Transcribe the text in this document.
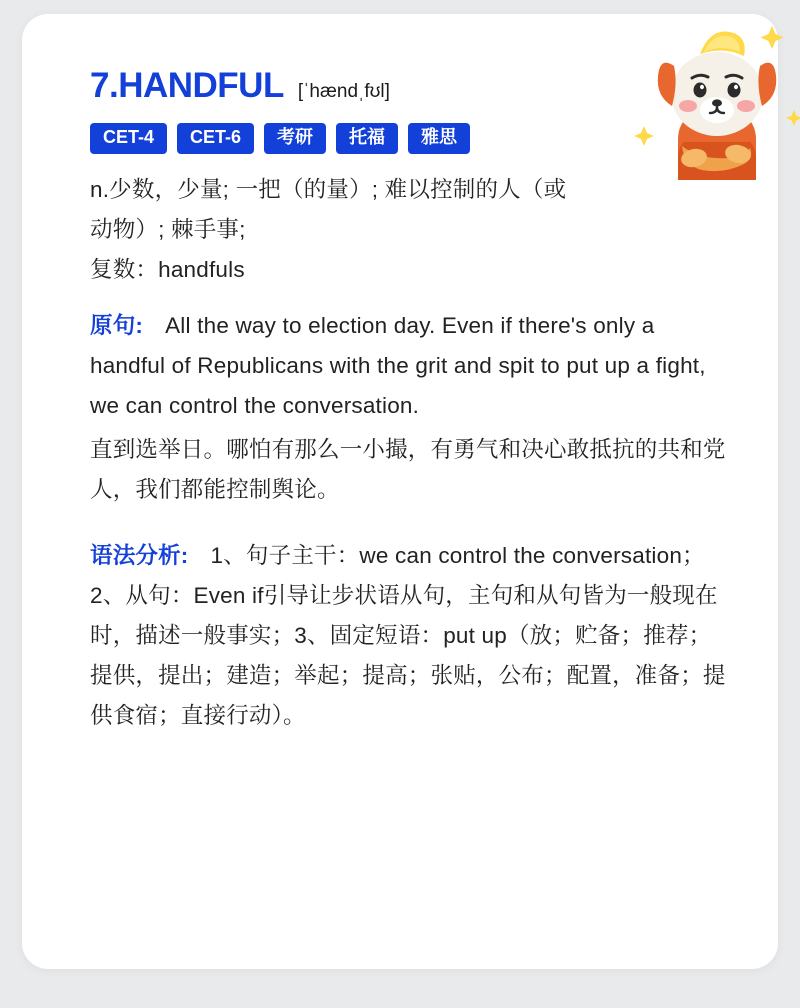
7.HANDFUL [ˈhændˌfʊl]
CET-4	CET-6	考研	托福	雅思

n.少数，少量; 一把（的量）; 难以控制的人（或

动物）; 棘手事;

复数：handfuls

原句: All the way to election day. Even if there's only a handful of Republicans with the grit and spit to put up a fight, we can control the conversation.

直到选举日。哪怕有那么一小撮，有勇气和决心敢抵抗的共和党人，我们都能控制舆论。

语法分析: 1、句子主干：we can control the conversation；2、从句：Even if引导让步状语从句，主句和从句皆为一般现在时，描述一般事实；3、固定短语：put up（放；贮备；推荐；提供，提出；建造；举起；提高；张贴，公布；配置，准备；提供食宿；直接行动）。
